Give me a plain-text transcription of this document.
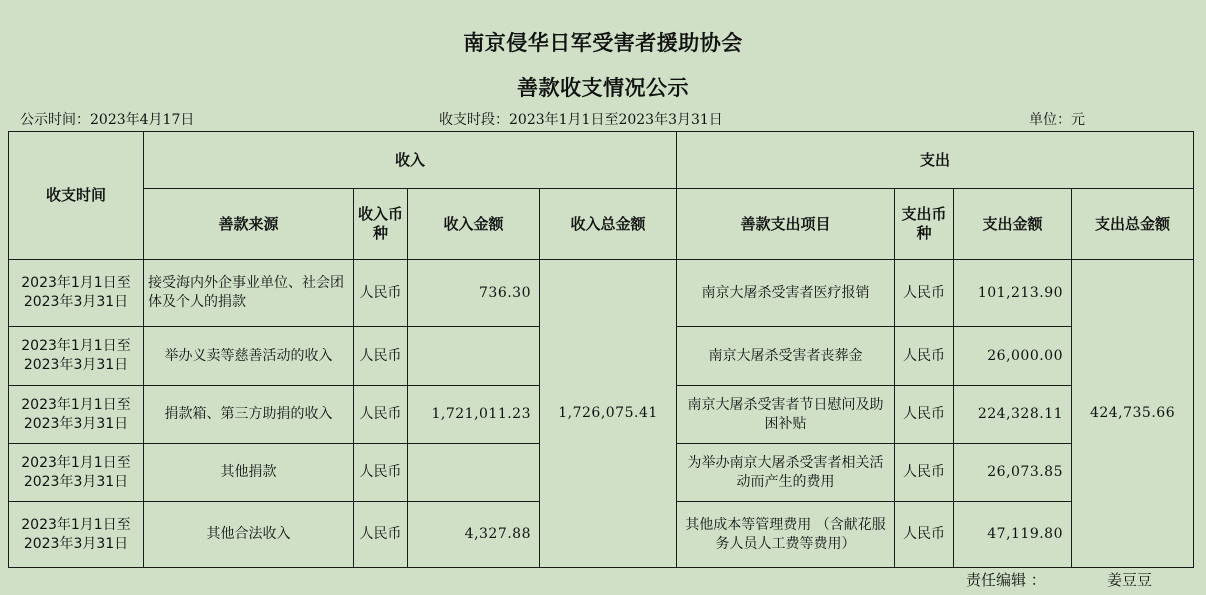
南京侵华日军受害者援助协会
善款收支情况公示
公示时间：2023年4月17日	收支时段：2023年1月1日至2023年3月31日	单位：元
收支时间	收入				支出			
	善款来源	收入币种	收入金额	收入总金额	善款支出项目	支出币种	支出金额	支出总金额
2023年1月1日至2023年3月31日	接受海内外企事业单位、社会团体及个人的捐款	人民币	736.30	1,726,075.41	南京大屠杀受害者医疗报销	人民币	101,213.90	424,735.66
2023年1月1日至2023年3月31日	举办义卖等慈善活动的收入	人民币			南京大屠杀受害者丧葬金	人民币	26,000.00	
2023年1月1日至2023年3月31日	捐款箱、第三方助捐的收入	人民币	1,721,011.23		南京大屠杀受害者节日慰问及助困补贴	人民币	224,328.11	
2023年1月1日至2023年3月31日	其他捐款	人民币			为举办南京大屠杀受害者相关活动而产生的费用	人民币	26,073.85	
2023年1月1日至2023年3月31日	其他合法收入	人民币	4,327.88		其他成本等管理费用 （含献花服务人员人工费等费用）	人民币	47,119.80	
责任编辑 ：	姜豆豆
